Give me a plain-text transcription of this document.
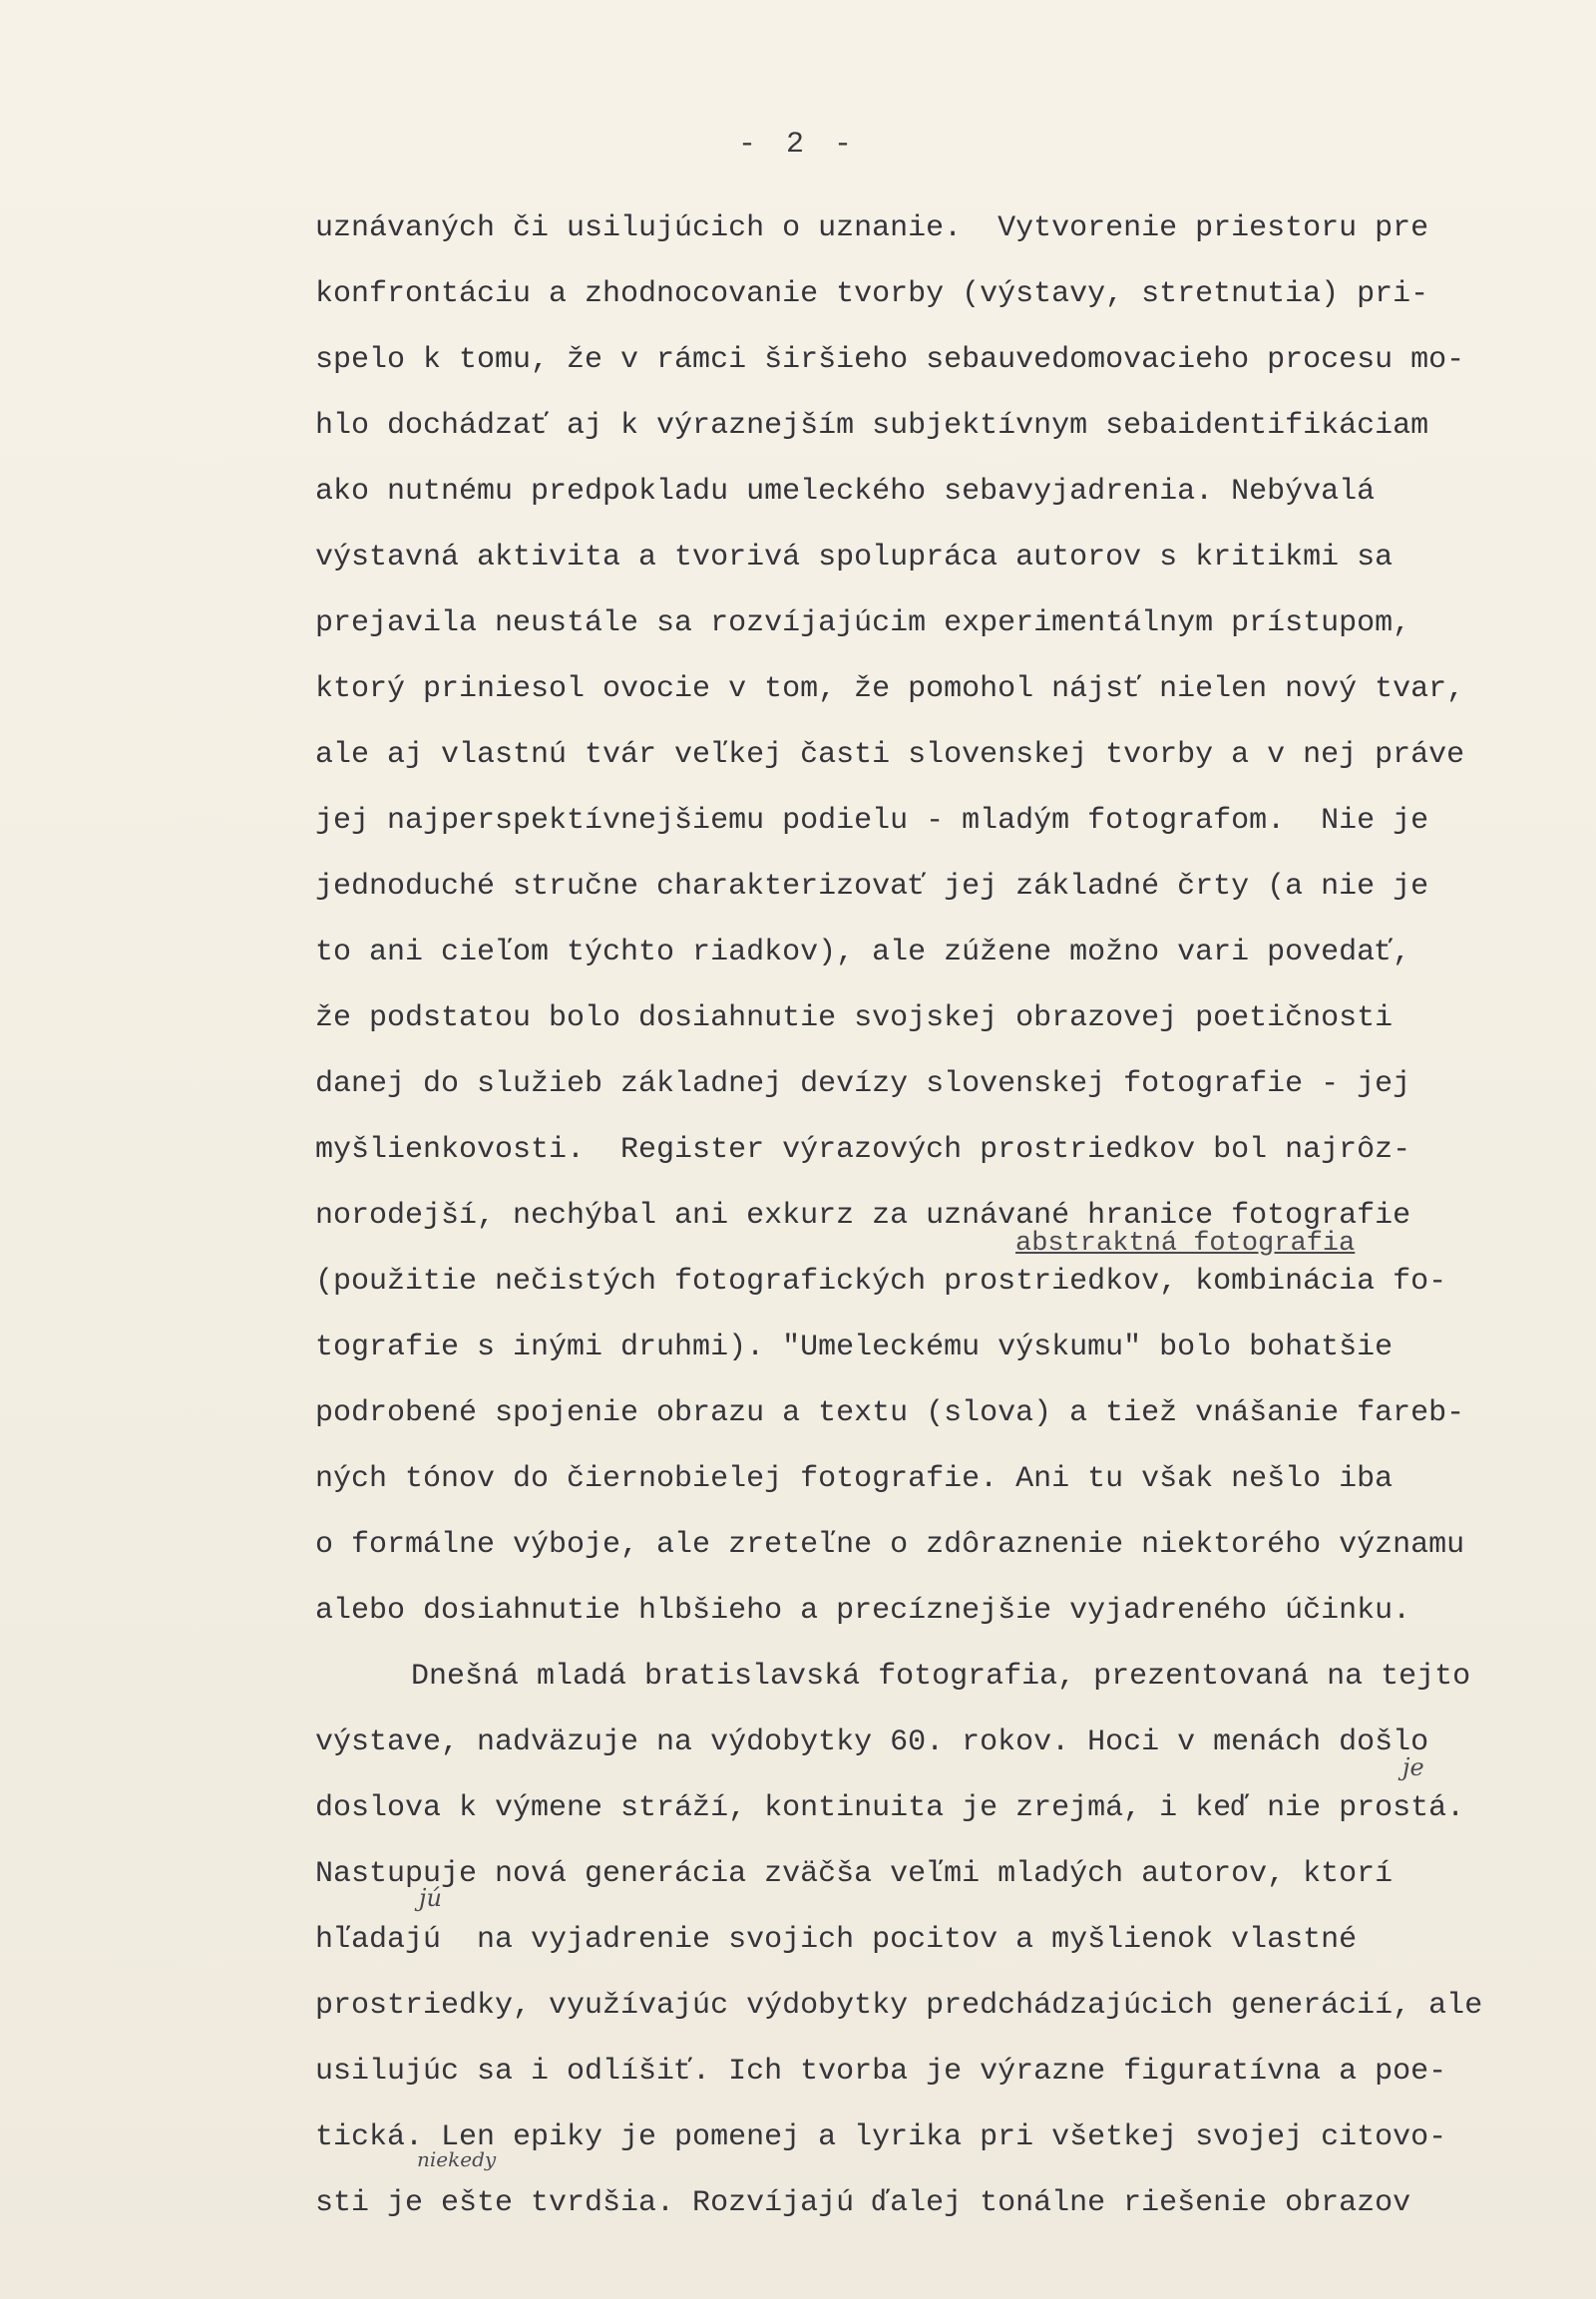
- 2 -
uznávaných či usilujúcich o uznanie.  Vytvorenie priestoru pre
konfrontáciu a zhodnocovanie tvorby (výstavy, stretnutia) pri-
spelo k tomu, že v rámci širšieho sebauvedomovacieho procesu mo-
hlo dochádzať aj k výraznejším subjektívnym sebaidentifikáciam
ako nutnému predpokladu umeleckého sebavyjadrenia. Nebývalá
výstavná aktivita a tvorivá spolupráca autorov s kritikmi sa
prejavila neustále sa rozvíjajúcim experimentálnym prístupom,
ktorý priniesol ovocie v tom, že pomohol nájsť nielen nový tvar,
ale aj vlastnú tvár veľkej časti slovenskej tvorby a v nej práve
jej najperspektívnejšiemu podielu - mladým fotografom.  Nie je
jednoduché stručne charakterizovať jej základné črty (a nie je
to ani cieľom týchto riadkov), ale zúžene možno vari povedať,
že podstatou bolo dosiahnutie svojskej obrazovej poetičnosti
danej do služieb základnej devízy slovenskej fotografie - jej
myšlienkovosti.  Register výrazových prostriedkov bol najrôz-
norodejší, nechýbal ani exkurz za uznávané hranice fotografie
(použitie nečistých fotografických prostriedkov, kombinácia fo-
tografie s inými druhmi). "Umeleckému výskumu" bolo bohatšie
podrobené spojenie obrazu a textu (slova) a tiež vnášanie fareb-
ných tónov do čiernobielej fotografie. Ani tu však nešlo iba
o formálne výboje, ale zreteľne o zdôraznenie niektorého významu
alebo dosiahnutie hlbšieho a precíznejšie vyjadreného účinku.
Dnešná mladá bratislavská fotografia, prezentovaná na tejto
výstave, nadväzuje na výdobytky 60. rokov. Hoci v menách došlo
doslova k výmene stráží, kontinuita je zrejmá, i keď nie prostá.
Nastupuje nová generácia zväčša veľmi mladých autorov, ktorí
hľadajú  na vyjadrenie svojich pocitov a myšlienok vlastné
prostriedky, využívajúc výdobytky predchádzajúcich generácií, ale
usilujúc sa i odlíšiť. Ich tvorba je výrazne figuratívna a poe-
tická. Len epiky je pomenej a lyrika pri všetkej svojej citovo-
sti je ešte tvrdšia. Rozvíjajú ďalej tonálne riešenie obrazov
abstraktná fotografia
je
jú
niekedy
